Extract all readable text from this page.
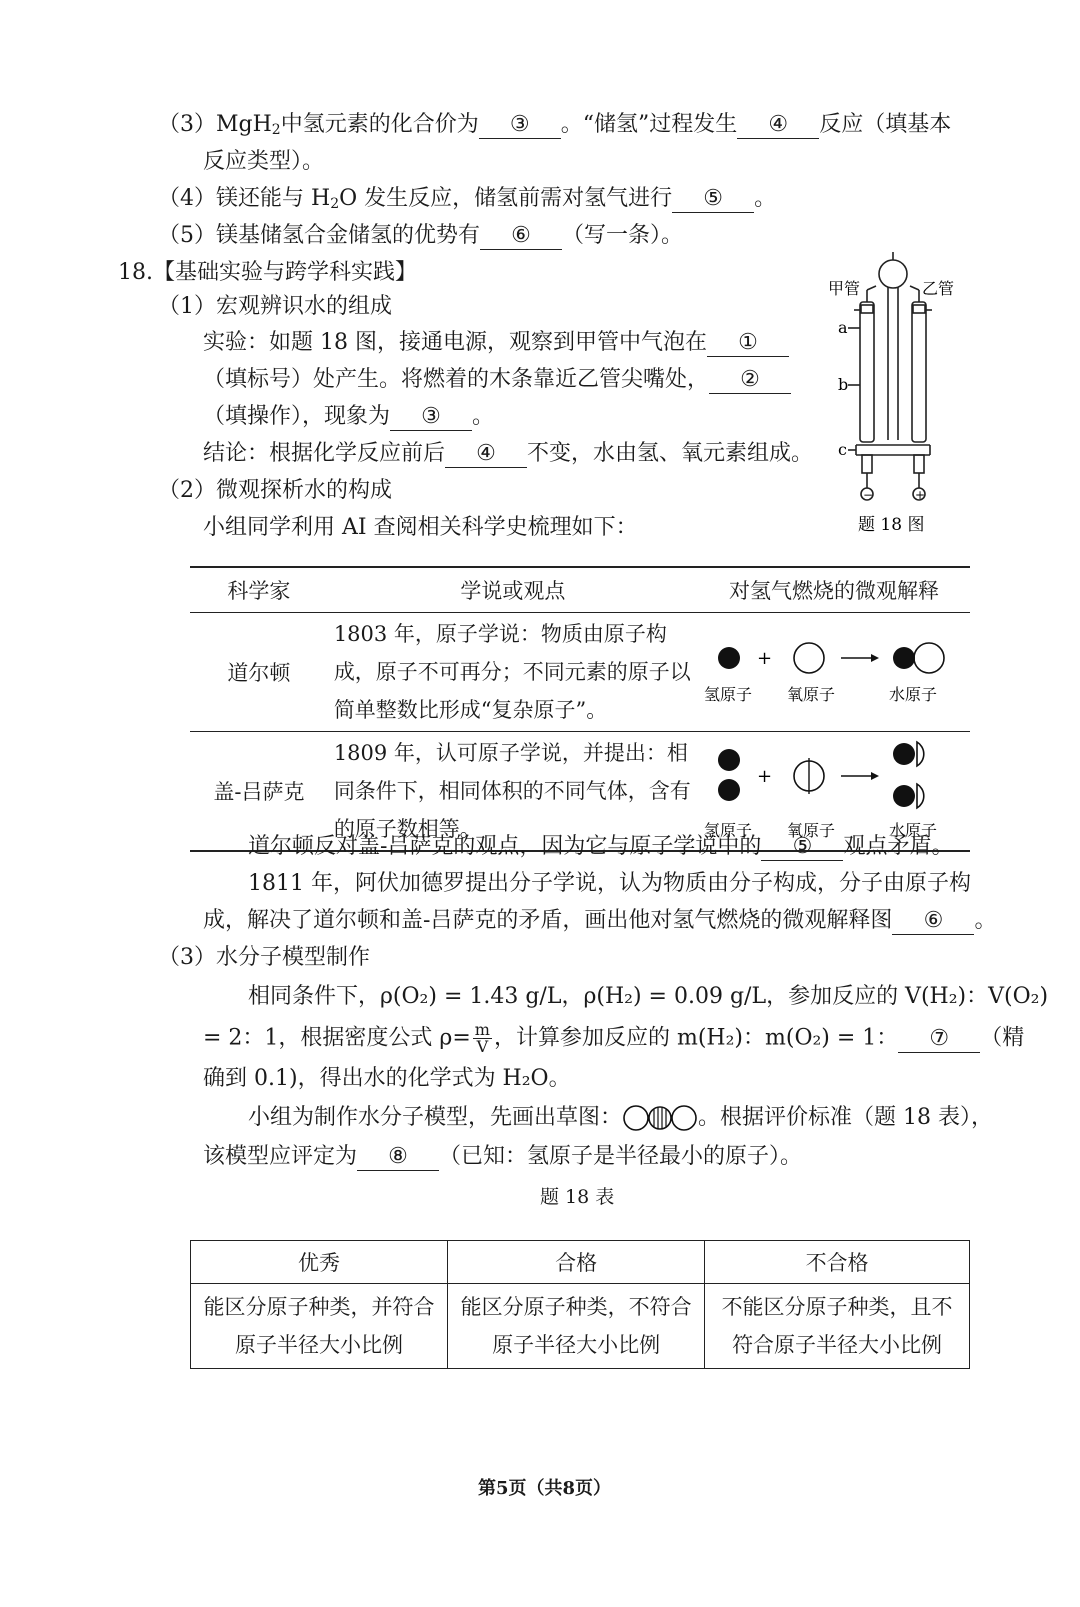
（3）MgH$_2$中氢元素的化合价为 ③ 。“储氢”过程发生 ④ 反应（填基本
反应类型）。
（4）镁还能与 $H_2O$ 发生反应，储氢前需对氢气进行 ⑤ 。
（5）镁基储氢合金储氢的优势有 ⑥ （写一条）。
18.【基础实验与跨学科实践】
（1）宏观辨识水的组成
实验：如题 18 图，接通电源，观察到甲管中气泡在 ①
（填标号）处产生。将燃着的木条靠近乙管尖嘴处， ②
（填操作），现象为 ③ 。
结论：根据化学反应前后 ④ 不变，水由氢、氧元素组成。
（2）微观探析水的构成
小组同学利用 AI 查阅相关科学史梳理如下：
甲管	乙管
a
b
c
−	+
题 18 图
科学家	学说或观点	对氢气燃烧的微观解释
道尔顿	1803 年，原子学说：物质由原子构成，原子不可再分；不同元素的原子以简单整数比形成“复杂原子”。	+
氢原子 氧原子 水原子

盖-吕萨克	1809 年，认可原子学说，并提出：相同条件下，相同体积的不同气体，含有的原子数相等。	+
氢原子 氧原子 水原子
道尔顿反对盖-吕萨克的观点，因为它与原子学说中的 ⑤ 观点矛盾。
1811 年，阿伏加德罗提出分子学说，认为物质由分子构成，分子由原子构
成，解决了道尔顿和盖-吕萨克的矛盾，画出他对氢气燃烧的微观解释图 ⑥ 。
（3）水分子模型制作
相同条件下，ρ(O₂) = 1.43 g/L，ρ(H₂) = 0.09 g/L，参加反应的 V(H₂)：V(O₂)
= 2：1，根据密度公式 $\rho= \frac{m}{V}$ ，计算参加反应的 m(H₂)：m(O₂) = 1： ⑦ （精
确到 0.1)，得出水的化学式为 H₂O。
小组为制作水分子模型，先画出草图：	。根据评价标准（题 18 表），
该模型应评定为 ⑧ （已知：氢原子是半径最小的原子）。
题 18 表
优秀	合格	不合格
能区分原子种类，并符合原子半径大小比例	能区分原子种类，不符合原子半径大小比例	不能区分原子种类，且不符合原子半径大小比例
第5页（共8页）
